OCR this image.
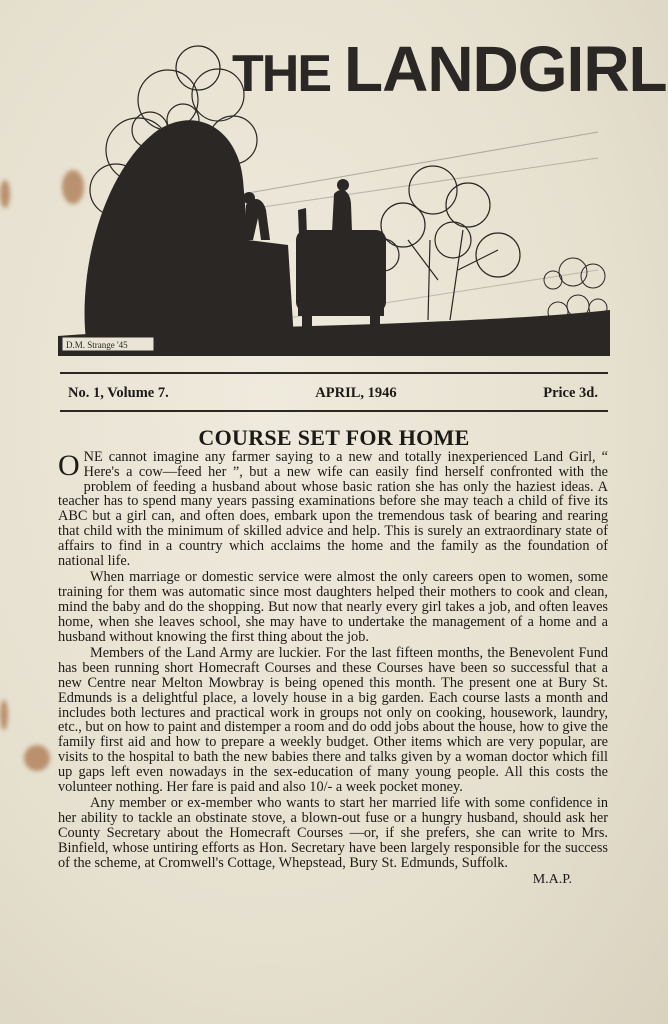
D.M. Strange '45
THE LANDGIRL
No. 1, Volume 7.	APRIL, 1946	Price 3d.
COURSE SET FOR HOME

ONE cannot imagine any farmer saying to a new and totally inexperienced Land Girl, “ Here's a cow—feed her ”, but a new wife can easily find herself confronted with the problem of feeding a husband about whose basic ration she has only the haziest ideas. A teacher has to spend many years passing examinations before she may teach a child of five its ABC but a girl can, and often does, embark upon the tremendous task of bearing and rearing that child with the minimum of skilled advice and help. This is surely an extraordinary state of affairs to find in a country which acclaims the home and the family as the foundation of national life.

When marriage or domestic service were almost the only careers open to women, some training for them was automatic since most daughters helped their mothers to cook and clean, mind the baby and do the shopping. But now that nearly every girl takes a job, and often leaves home, when she leaves school, she may have to undertake the management of a home and a husband without knowing the first thing about the job.

Members of the Land Army are luckier. For the last fifteen months, the Benevolent Fund has been running short Homecraft Courses and these Courses have been so successful that a new Centre near Melton Mowbray is being opened this month. The present one at Bury St. Edmunds is a delightful place, a lovely house in a big garden. Each course lasts a month and includes both lectures and practical work in groups not only on cooking, housework, laundry, etc., but on how to paint and distemper a room and do odd jobs about the house, how to give the family first aid and how to prepare a weekly budget. Other items which are very popular, are visits to the hospital to bath the new babies there and talks given by a woman doctor which fill up gaps left even nowadays in the sex-education of many young people. All this costs the volunteer nothing. Her fare is paid and also 10/- a week pocket money.

Any member or ex-member who wants to start her married life with some confidence in her ability to tackle an obstinate stove, a blown-out fuse or a hungry husband, should ask her County Secretary about the Homecraft Courses —or, if she prefers, she can write to Mrs. Binfield, whose untiring efforts as Hon. Secretary have been largely responsible for the success of the scheme, at Cromwell's Cottage, Whepstead, Bury St. Edmunds, Suffolk.

M.A.P.
